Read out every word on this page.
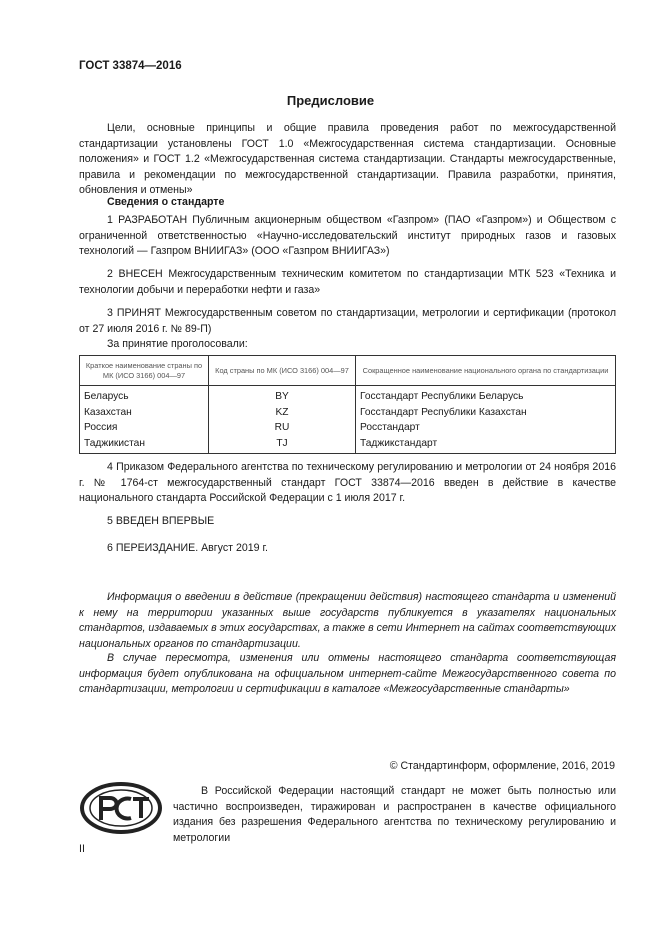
ГОСТ 33874—2016
Предисловие

Цели, основные принципы и общие правила проведения работ по межгосударственной стандартизации установлены ГОСТ 1.0 «Межгосударственная система стандартизации. Основные положения» и ГОСТ 1.2 «Межгосударственная система стандартизации. Стандарты межгосударственные, правила и рекомендации по межгосударственной стандартизации. Правила разработки, принятия, обновления и отмены»

Сведения о стандарте

1 РАЗРАБОТАН Публичным акционерным обществом «Газпром» (ПАО «Газпром») и Обществом с ограниченной ответственностью «Научно-исследовательский институт природных газов и газовых технологий — Газпром ВНИИГАЗ» (ООО «Газпром ВНИИГАЗ»)

2 ВНЕСЕН Межгосударственным техническим комитетом по стандартизации МТК 523 «Техника и технологии добычи и переработки нефти и газа»

3 ПРИНЯТ Межгосударственным советом по стандартизации, метрологии и сертификации (протокол от 27 июля 2016 г. № 89-П)

За принятие проголосовали:

Краткое наименование страны по МК (ИСО 3166) 004—97	Код страны по МК (ИСО 3166) 004—97	Сокращенное наименование национального органа по стандартизации
Беларусь	BY	Госстандарт Республики Беларусь
Казахстан	KZ	Госстандарт Республики Казахстан
Россия	RU	Росстандарт
Таджикистан	TJ	Таджикстандарт

4 Приказом Федерального агентства по техническому регулированию и метрологии от 24 ноября 2016 г. № 1764-ст межгосударственный стандарт ГОСТ 33874—2016 введен в действие в качестве национального стандарта Российской Федерации с 1 июля 2017 г.

5 ВВЕДЕН ВПЕРВЫЕ

6 ПЕРЕИЗДАНИЕ. Август 2019 г.

Информация о введении в действие (прекращении действия) настоящего стандарта и изменений к нему на территории указанных выше государств публикуется в указателях национальных стандартов, издаваемых в этих государствах, а также в сети Интернет на сайтах соответствующих национальных органов по стандартизации.

В случае пересмотра, изменения или отмены настоящего стандарта соответствующая информация будет опубликована на официальном интернет-сайте Межгосударственного совета по стандартизации, метрологии и сертификации в каталоге «Межгосударственные стандарты»

© Стандартинформ, оформление, 2016, 2019

В Российской Федерации настоящий стандарт не может быть полностью или частично воспроизведен, тиражирован и распространен в качестве официального издания без разрешения Федерального агентства по техническому регулированию и метрологии

II
